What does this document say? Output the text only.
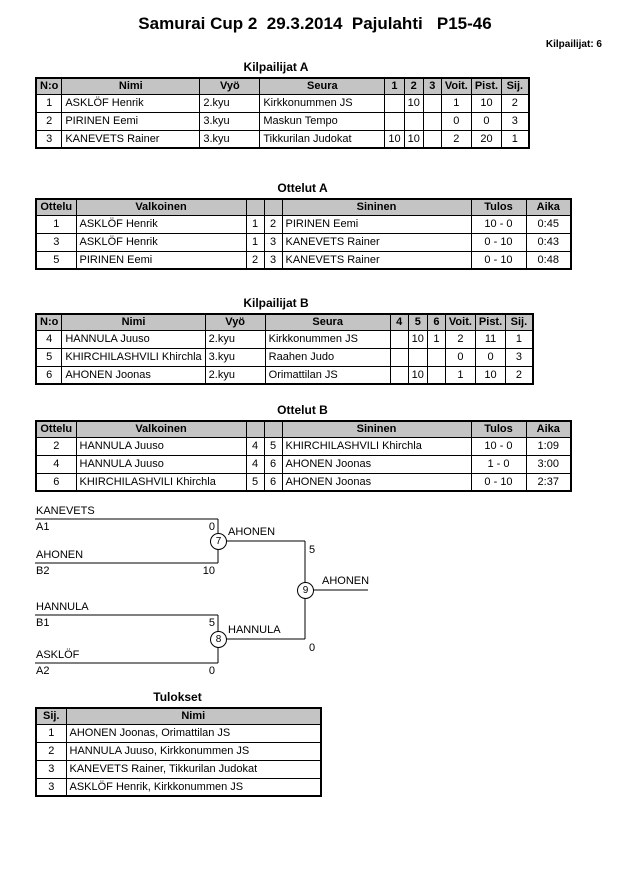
Samurai Cup 2  29.3.2014  Pajulahti   P15-46
Kilpailijat: 6
Kilpailijat A
N:o	Nimi	Vyö	Seura	1	2	3	Voit.	Pist.	Sij.
1	ASKLÖF Henrik	2.kyu	Kirkkonummen JS		10		1	10	2
2	PIRINEN Eemi	3.kyu	Maskun Tempo				0	0	3
3	KANEVETS Rainer	3.kyu	Tikkurilan Judokat	10	10		2	20	1
Ottelut A
Ottelu	Valkoinen			Sininen	Tulos	Aika
1	ASKLÖF Henrik	1	2	PIRINEN Eemi	10 - 0	0:45
3	ASKLÖF Henrik	1	3	KANEVETS Rainer	0 - 10	0:43
5	PIRINEN Eemi	2	3	KANEVETS Rainer	0 - 10	0:48
Kilpailijat B
N:o	Nimi	Vyö	Seura	4	5	6	Voit.	Pist.	Sij.
4	HANNULA Juuso	2.kyu	Kirkkonummen JS		10	1	2	11	1
5	KHIRCHILASHVILI Khirchla	3.kyu	Raahen Judo				0	0	3
6	AHONEN Joonas	2.kyu	Orimattilan JS		10		1	10	2
Ottelut B
Ottelu	Valkoinen			Sininen	Tulos	Aika
2	HANNULA Juuso	4	5	KHIRCHILASHVILI Khirchla	10 - 0	1:09
4	HANNULA Juuso	4	6	AHONEN Joonas	1 - 0	3:00
6	KHIRCHILASHVILI Khirchla	5	6	AHONEN Joonas	0 - 10	2:37
KANEVETS
A1	0
AHONEN
B2	10
7
AHONEN
5
HANNULA
B1	5
ASKLÖF
A2	0
8
HANNULA
0
9
AHONEN
Tulokset
Sij.	Nimi
1	AHONEN Joonas, Orimattilan JS
2	HANNULA Juuso, Kirkkonummen JS
3	KANEVETS Rainer, Tikkurilan Judokat
3	ASKLÖF Henrik, Kirkkonummen JS
